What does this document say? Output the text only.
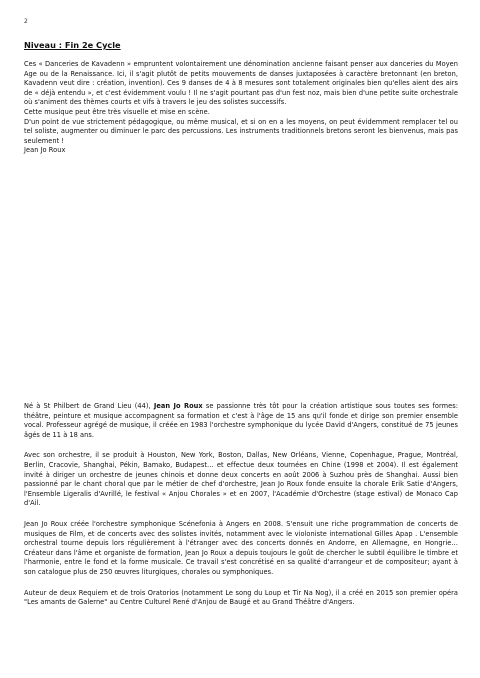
2

Niveau : Fin 2e Cycle

Ces « Danceries de Kavadenn » empruntent volontairement une dénomination ancienne faisant penser aux danceries du Moyen Age ou de la Renaissance. Ici, il s'agit plutôt de petits mouvements de danses juxtaposées à caractère bretonnant (en breton, Kavadenn veut dire : création, invention). Ces 9 danses de 4 à 8 mesures sont totalement originales bien qu'elles aient des airs de « déjà entendu », et c'est évidemment voulu ! Il ne s'agit pourtant pas d'un fest noz, mais bien d'une petite suite orchestrale où s'animent des thèmes courts et vifs à travers le jeu des solistes successifs.

Cette musique peut être très visuelle et mise en scène.

D'un point de vue strictement pédagogique, ou même musical, et si on en a les moyens, on peut évidemment remplacer tel ou tel soliste, augmenter ou diminuer le parc des percussions. Les instruments traditionnels bretons seront les bienvenus, mais pas seulement !

Jean Jo Roux

Né à St Philbert de Grand Lieu (44), Jean Jo Roux se passionne très tôt pour la création artistique sous toutes ses formes: théâtre, peinture et musique accompagnent sa formation et c'est à l'âge de 15 ans qu'il fonde et dirige son premier ensemble vocal. Professeur agrégé de musique, il créée en 1983 l'orchestre symphonique du lycée David d'Angers, constitué de 75 jeunes âgés de 11 à 18 ans.

Avec son orchestre, il se produit à Houston, New York, Boston, Dallas, New Orléans, Vienne, Copenhague, Prague, Montréal, Berlin, Cracovie, Shanghai, Pékin, Bamako, Budapest… et effectue deux tournées en Chine (1998 et 2004). Il est également invité à diriger un orchestre de jeunes chinois et donne deux concerts en août 2006 à Suzhou près de Shanghai. Aussi bien passionné par le chant choral que par le métier de chef d'orchestre, Jean Jo Roux fonde ensuite la chorale Erik Satie d'Angers, l'Ensemble Ligeralis d'Avrillé, le festival « Anjou Chorales » et en 2007, l'Académie d'Orchestre (stage estival) de Monaco Cap d'Ail.

Jean Jo Roux créée l'orchestre symphonique Scénefonia à Angers en 2008. S'ensuit une riche programmation de concerts de musiques de Film, et de concerts avec des solistes invités, notamment avec le violoniste international Gilles Apap . L'ensemble orchestral tourne depuis lors régulièrement à l'étranger avec des concerts donnés en Andorre, en Allemagne, en Hongrie… Créateur dans l'âme et organiste de formation, Jean Jo Roux a depuis toujours le goût de chercher le subtil équilibre le timbre et l'harmonie, entre le fond et la forme musicale. Ce travail s'est concrétisé en sa qualité d'arrangeur et de compositeur; ayant à son catalogue plus de 250 œuvres liturgiques, chorales ou symphoniques.

Auteur de deux Requiem et de trois Oratorios (notamment Le song du Loup et Tir Na Nog), il a créé en 2015 son premier opéra "Les amants de Galerne" au Centre Culturel René d'Anjou de Baugé et au Grand Théâtre d'Angers.
